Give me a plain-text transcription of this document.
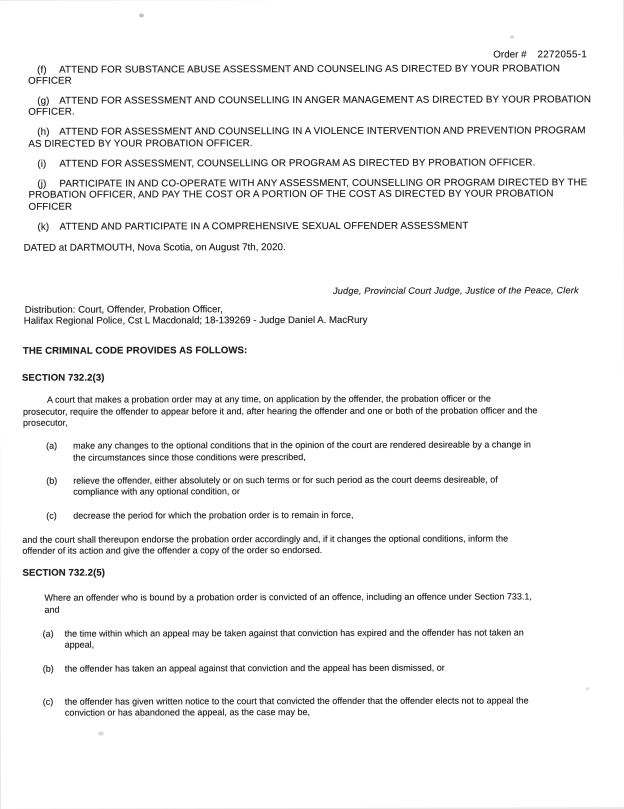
Order # 2272055-1
(f) ATTEND FOR SUBSTANCE ABUSE ASSESSMENT AND COUNSELING AS DIRECTED BY YOUR PROBATION
OFFICER
(g) ATTEND FOR ASSESSMENT AND COUNSELLING IN ANGER MANAGEMENT AS DIRECTED BY YOUR PROBATION
OFFICER.
(h) ATTEND FOR ASSESSMENT AND COUNSELLING IN A VIOLENCE INTERVENTION AND PREVENTION PROGRAM
AS DIRECTED BY YOUR PROBATION OFFICER.
(i) ATTEND FOR ASSESSMENT, COUNSELLING OR PROGRAM AS DIRECTED BY PROBATION OFFICER.
(j) PARTICIPATE IN AND CO-OPERATE WITH ANY ASSESSMENT, COUNSELLING OR PROGRAM DIRECTED BY THE
PROBATION OFFICER, AND PAY THE COST OR A PORTION OF THE COST AS DIRECTED BY YOUR PROBATION
OFFICER
(k) ATTEND AND PARTICIPATE IN A COMPREHENSIVE SEXUAL OFFENDER ASSESSMENT
DATED at DARTMOUTH, Nova Scotia, on August 7th, 2020.
Judge, Provincial Court Judge, Justice of the Peace, Clerk
Distribution: Court, Offender, Probation Officer,
Halifax Regional Police, Cst L Macdonald; 18-139269 - Judge Daniel A. MacRury
THE CRIMINAL CODE PROVIDES AS FOLLOWS:
SECTION 732.2(3)
A court that makes a probation order may at any time, on application by the offender, the probation officer or the
prosecutor, require the offender to appear before it and, after hearing the offender and one or both of the probation officer and the
prosecutor,
(a)	make any changes to the optional conditions that in the opinion of the court are rendered desireable by a change in
the circumstances since those conditions were prescribed,
(b)	relieve the offender, either absolutely or on such terms or for such period as the court deems desireable, of
compliance with any optional condition, or
(c)	decrease the period for which the probation order is to remain in force,
and the court shall thereupon endorse the probation order accordingly and, if it changes the optional conditions, inform the
offender of its action and give the offender a copy of the order so endorsed.
SECTION 732.2(5)
Where an offender who is bound by a probation order is convicted of an offence, including an offence under Section 733.1,
and
(a)	the time within which an appeal may be taken against that conviction has expired and the offender has not taken an
appeal,
(b)	the offender has taken an appeal against that conviction and the appeal has been dismissed, or
(c)	the offender has given written notice to the court that convicted the offender that the offender elects not to appeal the
conviction or has abandoned the appeal, as the case may be,
